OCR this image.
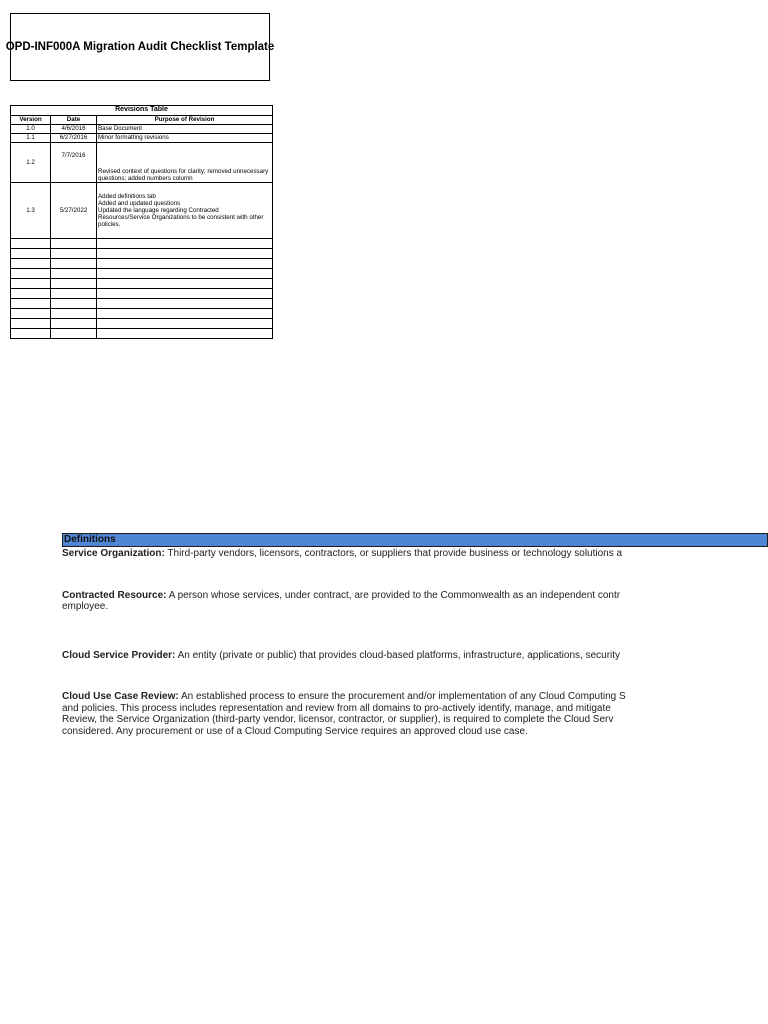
OPD-INF000A Migration Audit Checklist Template
Revisions Table		
Version	Date	Purpose of Revision
1.0	4/6/2016	Base Document
1.1	6/27/2016	Minor formatting revisions
1.2	7/7/2016	Revised context of questions for clarity; removed unnecessary questions; added numbers column
1.3	5/27/2022	Added definitions tab
Added and updated questions
Updated the language regarding Contracted Resources/Service Organizations to be consistent with other policies.

Definitions
Service Organization: Third-party vendors, licensors, contractors, or suppliers that provide business or technology solutions a
Contracted Resource: A person whose services, under contract, are provided to the Commonwealth as an independent contr
employee.
Cloud Service Provider: An entity (private or public) that provides cloud-based platforms, infrastructure, applications, security
Cloud Use Case Review: An established process to ensure the procurement and/or implementation of any Cloud Computing S
and policies. This process includes representation and review from all domains to pro-actively identify, manage, and mitigate
Review, the Service Organization (third-party vendor, licensor, contractor, or supplier), is required to complete the Cloud Serv
considered. Any procurement or use of a Cloud Computing Service requires an approved cloud use case.
